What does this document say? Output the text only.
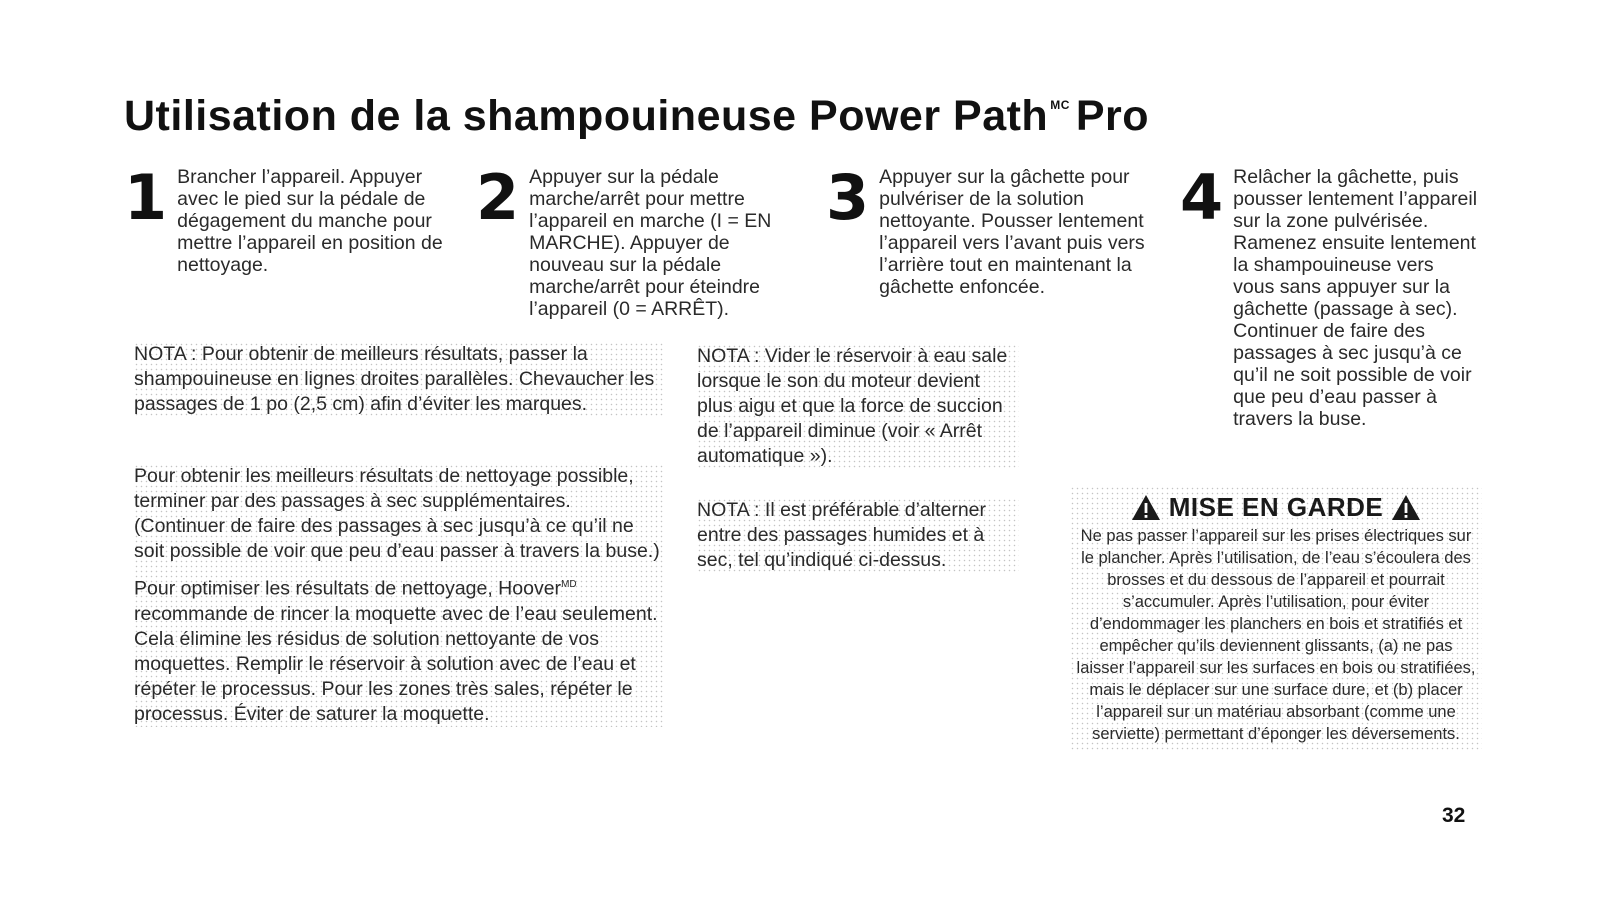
Utilisation de la shampouineuse Power Path $^{MC}$ Pro
1 Brancher l’appareil. Appuyer avec le pied sur la pédale de dégagement du manche pour mettre l’appareil en position de nettoyage.
2 Appuyer sur la pédale marche/arrêt pour mettre l’appareil en marche (I = EN MARCHE). Appuyer de nouveau sur la pédale marche/arrêt pour éteindre l’appareil (0 = ARRÊT).
3 Appuyer sur la gâchette pour pulvériser de la solution nettoyante. Pousser lentement l’appareil vers l’avant puis vers l’arrière tout en maintenant la gâchette enfoncée.
4 Relâcher la gâchette, puis pousser lentement l’appareil sur la zone pulvérisée. Ramenez ensuite lentement la shampouineuse vers vous sans appuyer sur la gâchette (passage à sec). Continuer de faire des passages à sec jusqu’à ce qu’il ne soit possible de voir que peu d’eau passer à travers la buse.

NOTA : Pour obtenir de meilleurs résultats, passer la shampouineuse en lignes droites parallèles. Chevaucher les passages de 1 po (2,5 cm) afin d’éviter les marques.

Pour obtenir les meilleurs résultats de nettoyage possible, terminer par des passages à sec supplémentaires. (Continuer de faire des passages à sec jusqu’à ce qu’il ne soit possible de voir que peu d’eau passer à travers la buse.)

Pour optimiser les résultats de nettoyage, Hoover$^{MD}$ recommande de rincer la moquette avec de l’eau seulement. Cela élimine les résidus de solution nettoyante de vos moquettes. Remplir le réservoir à solution avec de l’eau et répéter le processus. Pour les zones très sales, répéter le processus. Éviter de saturer la moquette.

NOTA : Vider le réservoir à eau sale lorsque le son du moteur devient plus aigu et que la force de succion de l’appareil diminue (voir « Arrêt automatique »).

NOTA : Il est préférable d’alterner entre des passages humides et à sec, tel qu’indiqué ci-dessus.

MISE EN GARDE
Ne pas passer l’appareil sur les prises électriques sur le plancher. Après l’utilisation, de l’eau s’écoulera des brosses et du dessous de l’appareil et pourrait s’accumuler. Après l’utilisation, pour éviter d’endommager les planchers en bois et stratifiés et empêcher qu’ils deviennent glissants, (a) ne pas laisser l’appareil sur les surfaces en bois ou stratifiées, mais le déplacer sur une surface dure, et (b) placer l’appareil sur un matériau absorbant (comme une serviette) permettant d’éponger les déversements.
32
